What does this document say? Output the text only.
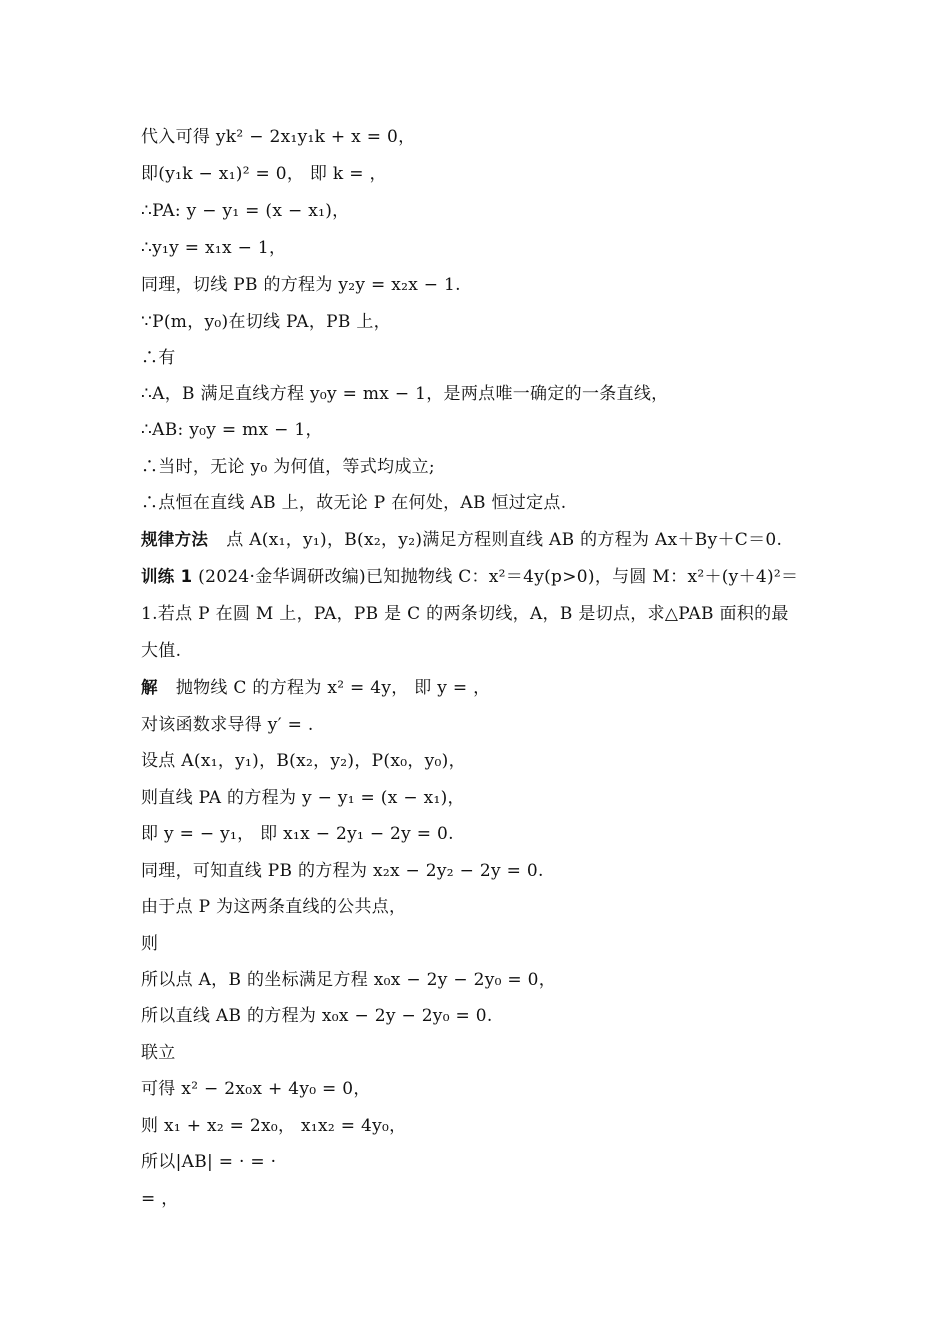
代入可得 yk² − 2x₁y₁k + x = 0，
即(y₁k − x₁)² = 0， 即 k = ，
∴PA: y − y₁ = (x − x₁)，
∴y₁y = x₁x − 1，
同理，切线 PB 的方程为 y₂y = x₂x − 1.
∵P(m，y₀)在切线 PA，PB 上，
∴有
∴A，B 满足直线方程 y₀y = mx − 1，是两点唯一确定的一条直线，
∴AB: y₀y = mx − 1，
∴当时，无论 y₀ 为何值，等式均成立;
∴点恒在直线 AB 上，故无论 P 在何处，AB 恒过定点.
规律方法 点 A(x₁，y₁)，B(x₂，y₂)满足方程则直线 AB 的方程为 Ax＋By＋C＝0.
训练 1 (2024·金华调研改编)已知抛物线 C：x²＝4y(p>0)，与圆 M：x²＋(y＋4)²＝
1.若点 P 在圆 M 上，PA，PB 是 C 的两条切线，A，B 是切点，求△PAB 面积的最
大值.
解 抛物线 C 的方程为 x² = 4y， 即 y = ，
对该函数求导得 y′ = .
设点 A(x₁，y₁)，B(x₂，y₂)，P(x₀，y₀)，
则直线 PA 的方程为 y − y₁ = (x − x₁)，
即 y = − y₁， 即 x₁x − 2y₁ − 2y = 0.
同理，可知直线 PB 的方程为 x₂x − 2y₂ − 2y = 0.
由于点 P 为这两条直线的公共点，
则
所以点 A，B 的坐标满足方程 x₀x − 2y − 2y₀ = 0，
所以直线 AB 的方程为 x₀x − 2y − 2y₀ = 0.
联立
可得 x² − 2x₀x + 4y₀ = 0，
则 x₁ + x₂ = 2x₀， x₁x₂ = 4y₀，
所以|AB| = · = ·
= ，
